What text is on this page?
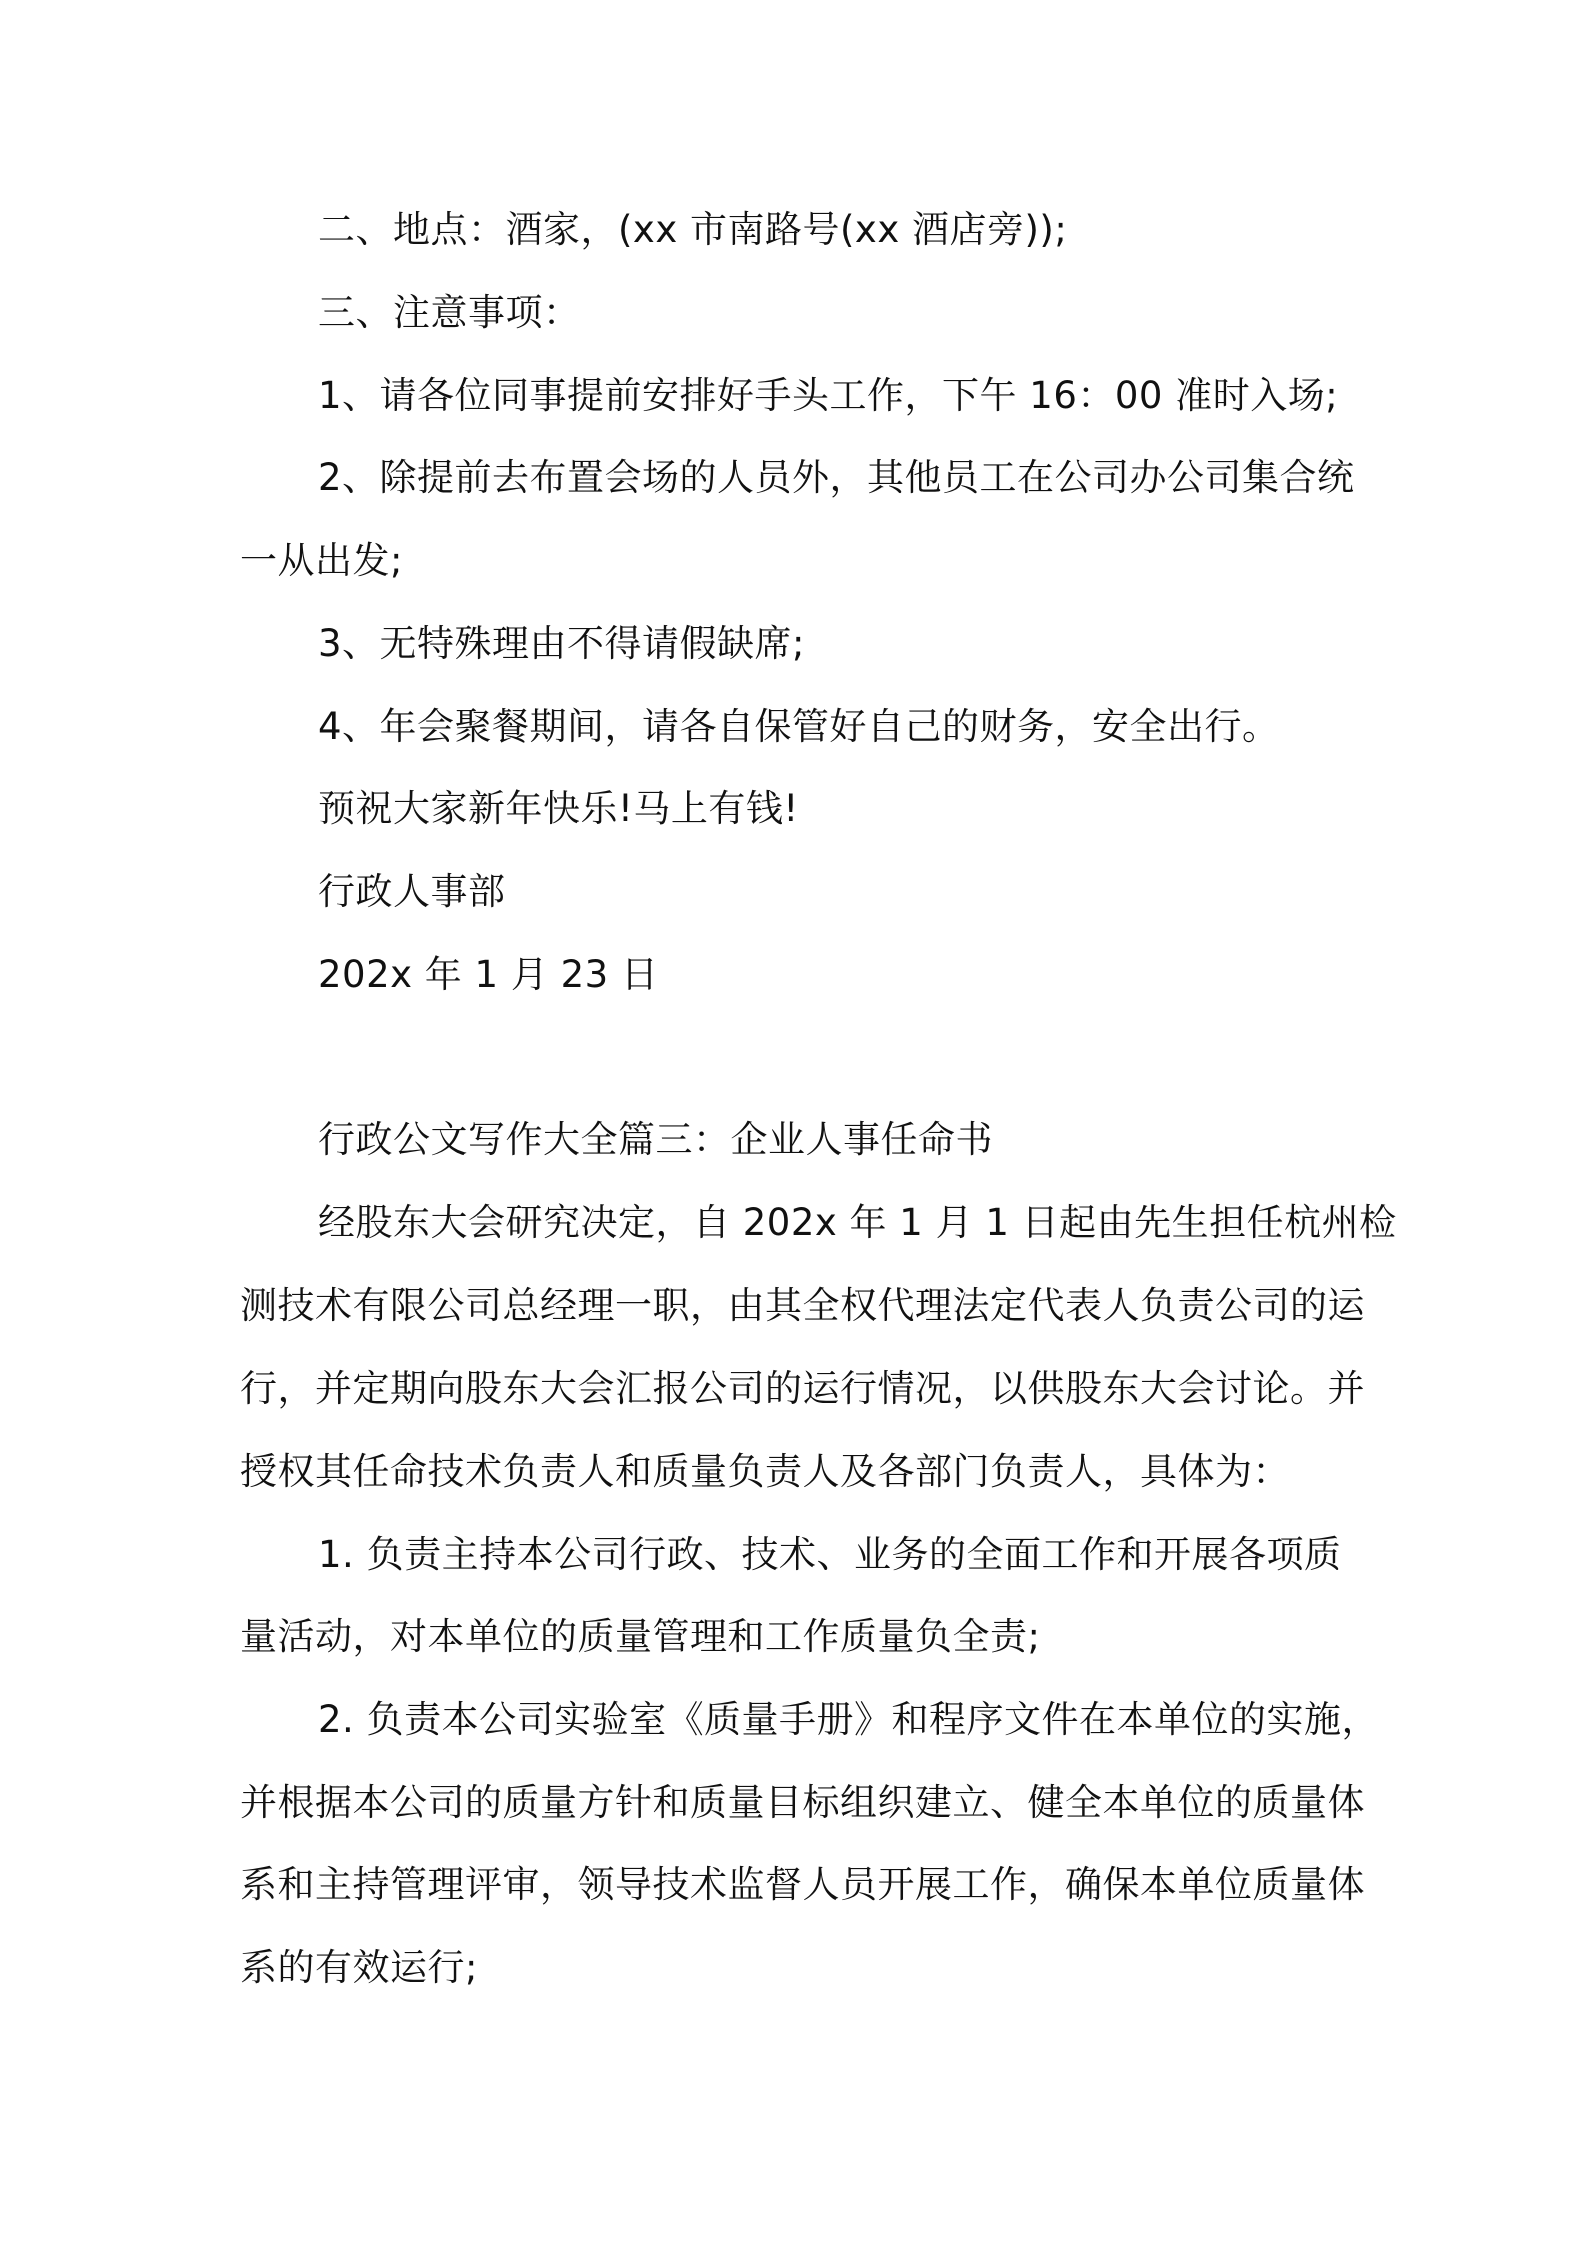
二、地点：酒家，(xx 市南路号(xx 酒店旁));

三、注意事项：

1、请各位同事提前安排好手头工作，下午 16：00 准时入场;

2、除提前去布置会场的人员外，其他员工在公司办公司集合统

一从出发;

3、无特殊理由不得请假缺席;

4、年会聚餐期间，请各自保管好自己的财务，安全出行。

预祝大家新年快乐!马上有钱!

行政人事部

202x 年 1 月 23 日

行政公文写作大全篇三：企业人事任命书

经股东大会研究决定，自 202x 年 1 月 1 日起由先生担任杭州检

测技术有限公司总经理一职，由其全权代理法定代表人负责公司的运

行，并定期向股东大会汇报公司的运行情况，以供股东大会讨论。并

授权其任命技术负责人和质量负责人及各部门负责人，具体为：

1. 负责主持本公司行政、技术、业务的全面工作和开展各项质

量活动，对本单位的质量管理和工作质量负全责;

2. 负责本公司实验室《质量手册》和程序文件在本单位的实施，

并根据本公司的质量方针和质量目标组织建立、健全本单位的质量体

系和主持管理评审，领导技术监督人员开展工作，确保本单位质量体

系的有效运行;
